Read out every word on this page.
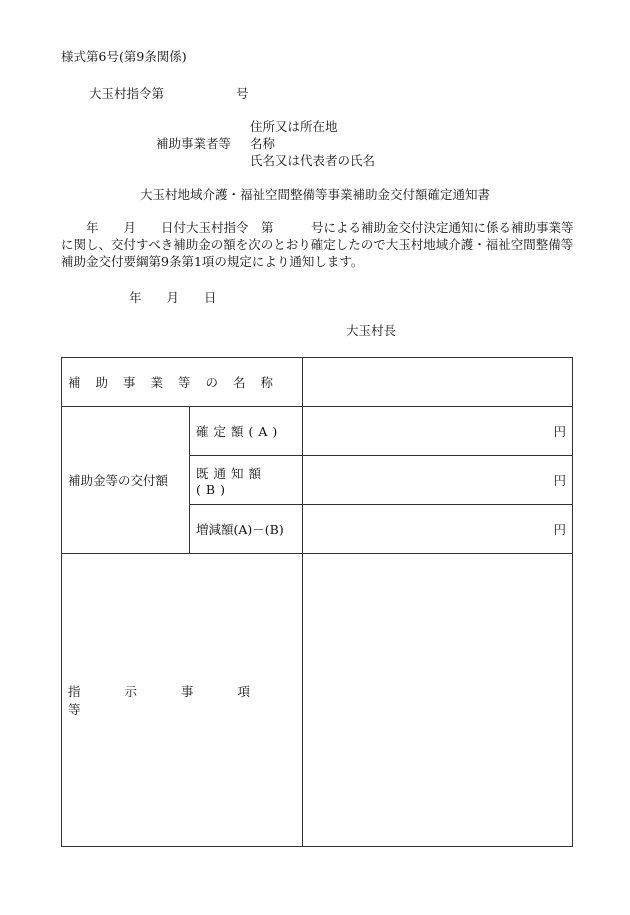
様式第6号(第9条関係)
大玉村指令第	号
住所又は所在地
補助事業者等 名称
氏名又は代表者の氏名
大玉村地域介護・福祉空間整備等事業補助金交付額確定通知書
　　年　　月　　日付大玉村指令　第　　　号による補助金交付決定通知に係る補助事業等に関し、交付すべき補助金の額を次のとおり確定したので大玉村地域介護・福祉空間整備等補助金交付要綱第9条第1項の規定により通知します。
年　　月　　日
大玉村長
補助事業等の名称		
補助金等の交付額	確定額(A)	円
	既通知額(B)	円
	増減額(A)－(B)	円
指示事項等		
